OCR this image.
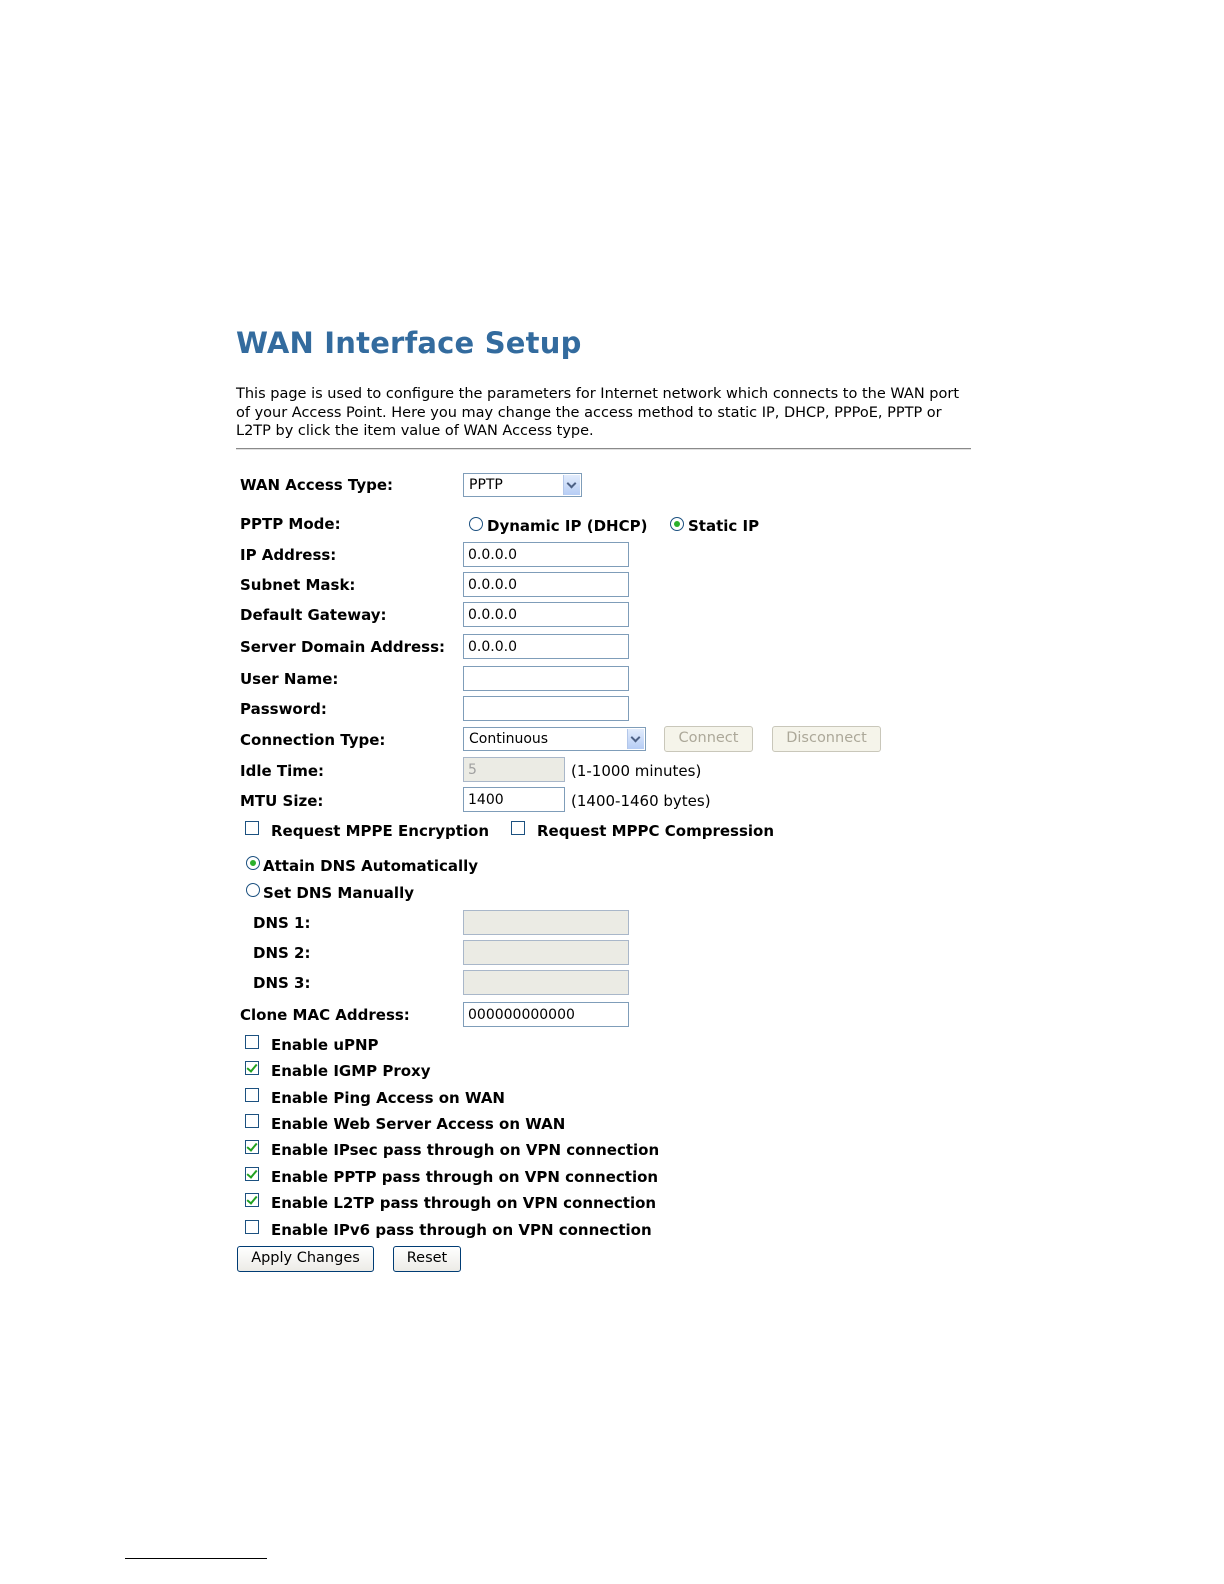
WAN Interface Setup

This page is used to configure the parameters for Internet network which connects to the WAN port of your Access Point. Here you may change the access method to static IP, DHCP, PPPoE, PPTP or L2TP by click the item value of WAN Access type.

WAN Access Type:	PPTP
PPTP Mode:	Dynamic IP (DHCP)	Static IP
IP Address:
0.0.0.0
Subnet Mask:
0.0.0.0
Default Gateway:
0.0.0.0
Server Domain Address:
0.0.0.0
User Name:
Password:
Connection Type:	Continuous	Connect	Disconnect
Idle Time:
5	(1-1000 minutes)
MTU Size:
1400	(1400-1460 bytes)
Request MPPE Encryption	Request MPPC Compression
Attain DNS Automatically
Set DNS Manually
DNS 1:
DNS 2:
DNS 3:
Clone MAC Address:
000000000000
Enable uPNP
Enable IGMP Proxy
Enable Ping Access on WAN
Enable Web Server Access on WAN
Enable IPsec pass through on VPN connection
Enable PPTP pass through on VPN connection
Enable L2TP pass through on VPN connection
Enable IPv6 pass through on VPN connection
Apply Changes	Reset
